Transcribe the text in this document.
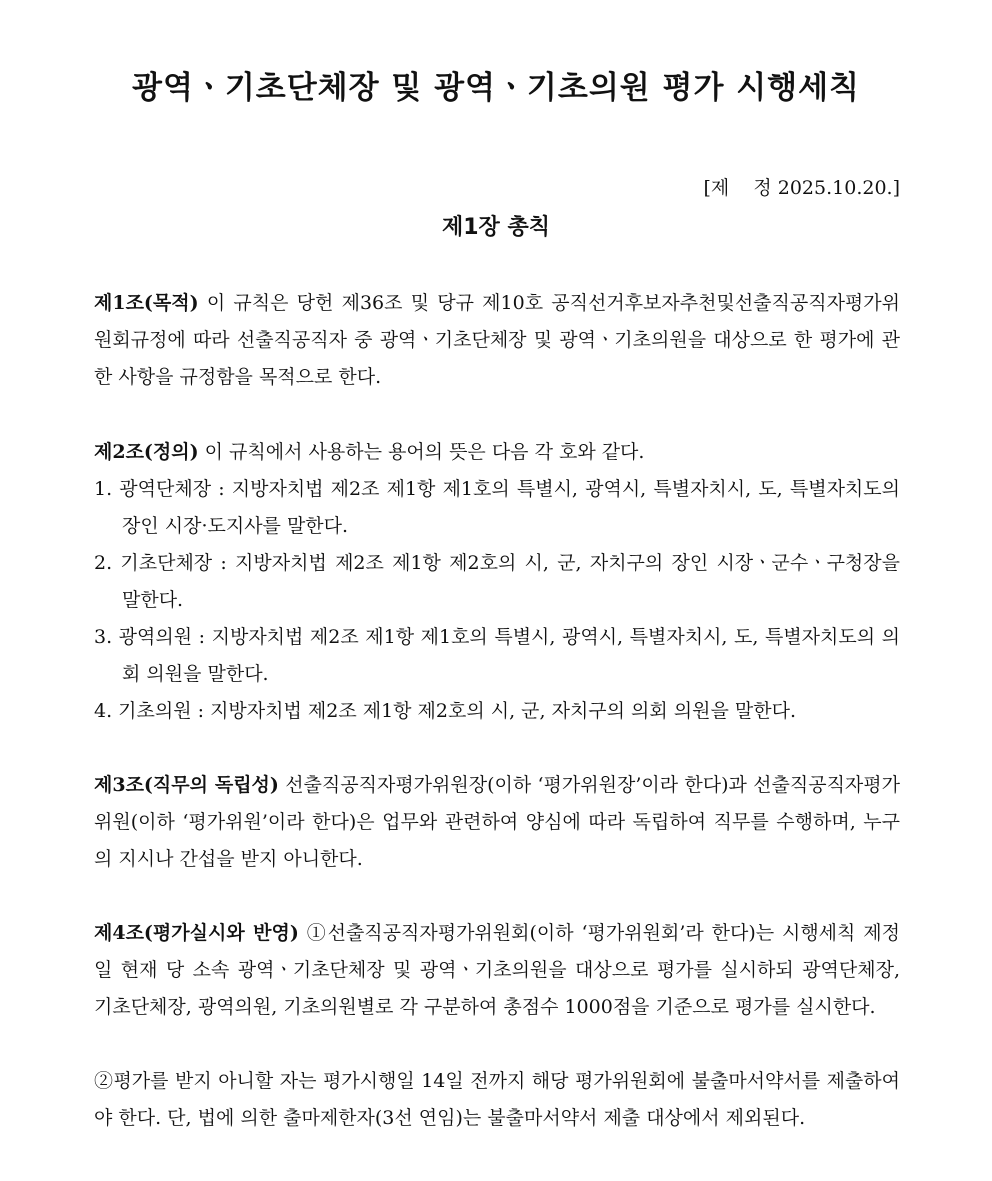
광역ㆍ기초단체장 및 광역ㆍ기초의원 평가 시행세칙
[제    정 2025.10.20.]
제1장 총칙
제1조(목적) 이 규칙은 당헌 제36조 및 당규 제10호 공직선거후보자추천및선출직공직자평가위원회규정에 따라 선출직공직자 중 광역ㆍ기초단체장 및 광역ㆍ기초의원을 대상으로 한 평가에 관한 사항을 규정함을 목적으로 한다.
제2조(정의) 이 규칙에서 사용하는 용어의 뜻은 다음 각 호와 같다.
1. 광역단체장 : 지방자치법 제2조 제1항 제1호의 특별시, 광역시, 특별자치시, 도, 특별자치도의 장인 시장·도지사를 말한다.
2. 기초단체장 : 지방자치법 제2조 제1항 제2호의 시, 군, 자치구의 장인 시장ㆍ군수ㆍ구청장을 말한다.
3. 광역의원 : 지방자치법 제2조 제1항 제1호의 특별시, 광역시, 특별자치시, 도, 특별자치도의 의회 의원을 말한다.
4. 기초의원 : 지방자치법 제2조 제1항 제2호의 시, 군, 자치구의 의회 의원을 말한다.
제3조(직무의 독립성) 선출직공직자평가위원장(이하 ‘평가위원장’이라 한다)과 선출직공직자평가위원(이하 ‘평가위원’이라 한다)은 업무와 관련하여 양심에 따라 독립하여 직무를 수행하며, 누구의 지시나 간섭을 받지 아니한다.
제4조(평가실시와 반영) ①선출직공직자평가위원회(이하 ‘평가위원회’라 한다)는 시행세칙 제정일 현재 당 소속 광역ㆍ기초단체장 및 광역ㆍ기초의원을 대상으로 평가를 실시하되 광역단체장, 기초단체장, 광역의원, 기초의원별로 각 구분하여 총점수 1000점을 기준으로 평가를 실시한다.
②평가를 받지 아니할 자는 평가시행일 14일 전까지 해당 평가위원회에 불출마서약서를 제출하여야 한다. 단, 법에 의한 출마제한자(3선 연임)는 불출마서약서 제출 대상에서 제외된다.
